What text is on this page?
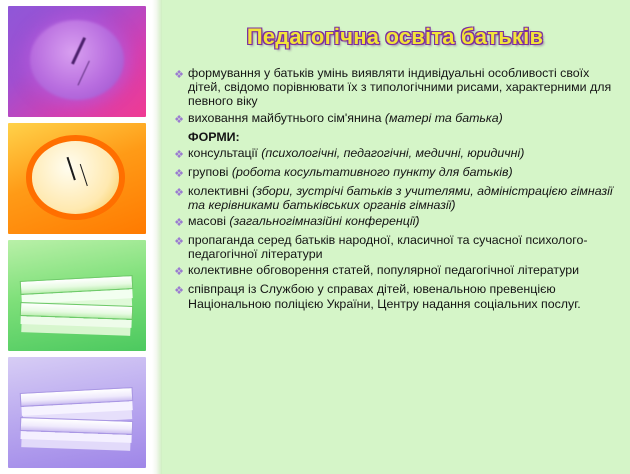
Педагогічна освіта батьків
❖ формування у батьків умінь виявляти індивідуальні особливості своїх дітей, свідомо порівнювати їх з типологічними рисами, характерними для певного віку
❖ виховання майбутнього сім'янина (матері та батька)
ФОРМИ:
❖ консультації (психологічні, педагогічні, медичні, юридичні)
❖ групові (робота косультативного пункту для батьків)
❖ колективні (збори, зустрічі батьків з учителями, адміністрацією гімназії та керівниками батьківських органів гімназії)
❖ масові (загальногімназійні конференції)
❖ пропаганда серед батьків народної, класичної та сучасної психолого-педагогічної літератури
❖ колективне обговорення статей, популярної педагогічної літератури
❖ співпраця із Службою у справах дітей, ювенальною превенцією Національною поліцією України, Центру надання соціальних послуг.
